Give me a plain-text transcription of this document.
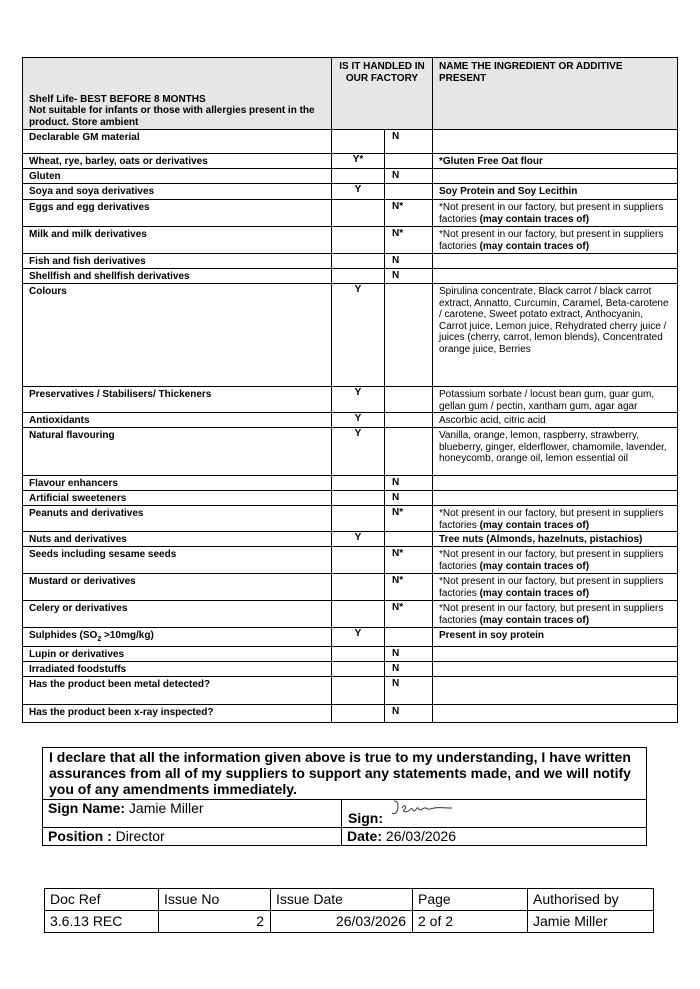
Shelf Life- BEST BEFORE 8 MONTHS
Not suitable for infants or those with allergies present in the product. Store ambient	IS IT HANDLED IN OUR FACTORY		NAME THE INGREDIENT OR ADDITIVE PRESENT
Declarable GM material		N	
Wheat, rye, barley, oats or derivatives	Y*		*Gluten Free Oat flour
Gluten		N	
Soya and soya derivatives	Y		Soy Protein and Soy Lecithin
Eggs and egg derivatives		N*	*Not present in our factory, but present in suppliers factories (may contain traces of)
Milk and milk derivatives		N*	*Not present in our factory, but present in suppliers factories (may contain traces of)
Fish and fish derivatives		N	
Shellfish and shellfish derivatives		N	
Colours	Y		Spirulina concentrate, Black carrot / black carrot extract, Annatto, Curcumin, Caramel, Beta-carotene / carotene, Sweet potato extract, Anthocyanin, Carrot juice, Lemon juice, Rehydrated cherry juice / juices (cherry, carrot, lemon blends), Concentrated orange juice, Berries
Preservatives / Stabilisers/ Thickeners	Y		Potassium sorbate / locust bean gum, guar gum, gellan gum / pectin, xantham gum, agar agar
Antioxidants	Y		Ascorbic acid, citric acid
Natural flavouring	Y		Vanilla, orange, lemon, raspberry, strawberry, blueberry, ginger, elderflower, chamomile, lavender, honeycomb, orange oil, lemon essential oil
Flavour enhancers		N	
Artificial sweeteners		N	
Peanuts and derivatives		N*	*Not present in our factory, but present in suppliers factories (may contain traces of)
Nuts and derivatives	Y		Tree nuts (Almonds, hazelnuts, pistachios)
Seeds including sesame seeds		N*	*Not present in our factory, but present in suppliers factories (may contain traces of)
Mustard or derivatives		N*	*Not present in our factory, but present in suppliers factories (may contain traces of)
Celery or derivatives		N*	*Not present in our factory, but present in suppliers factories (may contain traces of)
Sulphides $(SO_2 >10mg/kg)$	Y		Present in soy protein
Lupin or derivatives		N	
Irradiated foodstuffs		N	
Has the product been metal detected?		N	
Has the product been x-ray inspected?		N	
I declare that all the information given above is true to my understanding, I have written assurances from all of my suppliers to support any statements made, and we will notify you of any amendments immediately.	
Sign Name: Jamie Miller	Sign:

Position : Director	Date: 26/03/2026
Doc Ref	Issue No	Issue Date	Page	Authorised by
3.6.13 REC	2	26/03/2026	2 of 2	Jamie Miller
